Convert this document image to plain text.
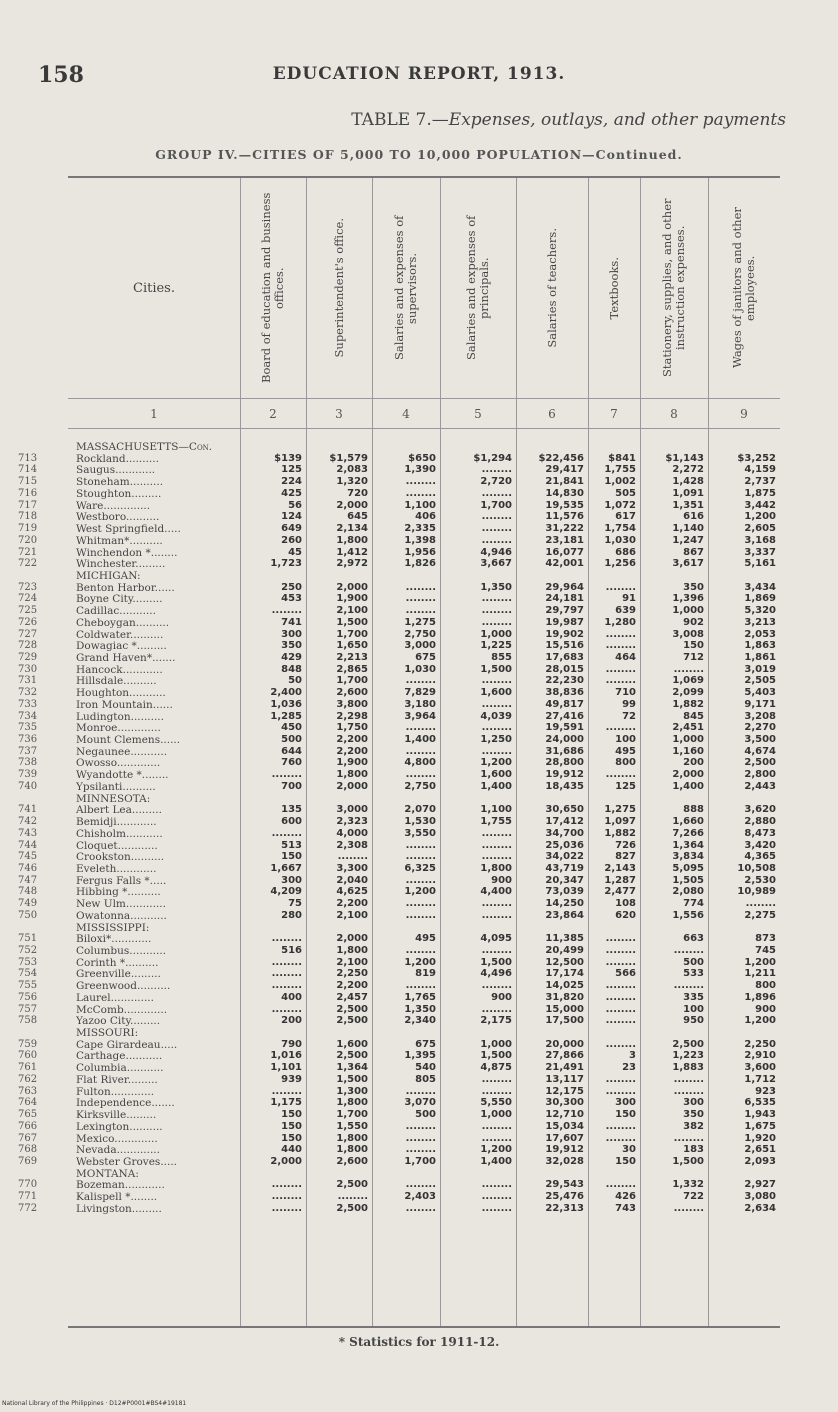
158	EDUCATION REPORT, 1913.
TABLE 7.—Expenses, outlays, and other payments
GROUP IV.—CITIES OF 5,000 TO 10,000 POPULATION—Continued.
Cities.
1
Board of education and business offices.
2
Superintendent's office.
3
Salaries and expenses of supervisors.
4
Salaries and expenses of principals.
5
Salaries of teachers.
6
Textbooks.
7
Stationery, supplies, and other instruction expenses.
8
Wages of janitors and other employees.
9
MASSACHUSETTS—Con.
713	Rockland..........	$139	$1,579	$650	$1,294	$22,456	$841	$1,143	$3,252
714	Saugus............	125	2,083	1,390	........	29,417	1,755	2,272	4,159
715	Stoneham..........	224	1,320	........	2,720	21,841	1,002	1,428	2,737
716	Stoughton.........	425	720	........	........	14,830	505	1,091	1,875
717	Ware..............	56	2,000	1,100	1,700	19,535	1,072	1,351	3,442
718	Westboro..........	124	645	406	........	11,576	617	616	1,200
719	West Springfield.....	649	2,134	2,335	........	31,222	1,754	1,140	2,605
720	Whitman*..........	260	1,800	1,398	........	23,181	1,030	1,247	3,168
721	Winchendon *........	45	1,412	1,956	4,946	16,077	686	867	3,337
722	Winchester.........	1,723	2,972	1,826	3,667	42,001	1,256	3,617	5,161
MICHIGAN:
723	Benton Harbor......	250	2,000	........	1,350	29,964	........	350	3,434
724	Boyne City.........	453	1,900	........	........	24,181	91	1,396	1,869
725	Cadillac...........	........	2,100	........	........	29,797	639	1,000	5,320
726	Cheboygan..........	741	1,500	1,275	........	19,987	1,280	902	3,213
727	Coldwater..........	300	1,700	2,750	1,000	19,902	........	3,008	2,053
728	Dowagiac *.........	350	1,650	3,000	1,225	15,516	........	150	1,863
729	Grand Haven*.......	429	2,213	675	855	17,683	464	712	1,861
730	Hancock............	848	2,865	1,030	1,500	28,015	........	........	3,019
731	Hillsdale..........	50	1,700	........	........	22,230	........	1,069	2,505
732	Houghton...........	2,400	2,600	7,829	1,600	38,836	710	2,099	5,403
733	Iron Mountain......	1,036	3,800	3,180	........	49,817	99	1,882	9,171
734	Ludington..........	1,285	2,298	3,964	4,039	27,416	72	845	3,208
735	Monroe.............	450	1,750	........	........	19,591	........	2,451	2,270
736	Mount Clemens......	500	2,200	1,400	1,250	24,000	100	1,000	3,500
737	Negaunee...........	644	2,200	........	........	31,686	495	1,160	4,674
738	Owosso.............	760	1,900	4,800	1,200	28,800	800	200	2,500
739	Wyandotte *........	........	1,800	........	1,600	19,912	........	2,000	2,800
740	Ypsilanti..........	700	2,000	2,750	1,400	18,435	125	1,400	2,443
MINNESOTA:
741	Albert Lea.........	135	3,000	2,070	1,100	30,650	1,275	888	3,620
742	Bemidji............	600	2,323	1,530	1,755	17,412	1,097	1,660	2,880
743	Chisholm...........	........	4,000	3,550	........	34,700	1,882	7,266	8,473
744	Cloquet............	513	2,308	........	........	25,036	726	1,364	3,420
745	Crookston..........	150	........	........	........	34,022	827	3,834	4,365
746	Eveleth............	1,667	3,300	6,325	1,800	43,719	2,143	5,095	10,508
747	Fergus Falls *.....	300	2,040	........	900	20,347	1,287	1,505	2,530
748	Hibbing *..........	4,209	4,625	1,200	4,400	73,039	2,477	2,080	10,989
749	New Ulm............	75	2,200	........	........	14,250	108	774	........
750	Owatonna...........	280	2,100	........	........	23,864	620	1,556	2,275
MISSISSIPPI:
751	Biloxi*............	........	2,000	495	4,095	11,385	........	663	873
752	Columbus...........	516	1,800	........	........	20,499	........	........	745
753	Corinth *..........	........	2,100	1,200	1,500	12,500	........	500	1,200
754	Greenville.........	........	2,250	819	4,496	17,174	566	533	1,211
755	Greenwood..........	........	2,200	........	........	14,025	........	........	800
756	Laurel.............	400	2,457	1,765	900	31,820	........	335	1,896
757	McComb.............	........	2,500	1,350	........	15,000	........	100	900
758	Yazoo City.........	200	2,500	2,340	2,175	17,500	........	950	1,200
MISSOURI:
759	Cape Girardeau.....	790	1,600	675	1,000	20,000	........	2,500	2,250
760	Carthage...........	1,016	2,500	1,395	1,500	27,866	3	1,223	2,910
761	Columbia...........	1,101	1,364	540	4,875	21,491	23	1,883	3,600
762	Flat River.........	939	1,500	805	........	13,117	........	........	1,712
763	Fulton.............	........	1,300	........	........	12,175	........	........	923
764	Independence.......	1,175	1,800	3,070	5,550	30,300	300	300	6,535
765	Kirksville.........	150	1,700	500	1,000	12,710	150	350	1,943
766	Lexington..........	150	1,550	........	........	15,034	........	382	1,675
767	Mexico.............	150	1,800	........	........	17,607	........	........	1,920
768	Nevada.............	440	1,800	........	1,200	19,912	30	183	2,651
769	Webster Groves.....	2,000	2,600	1,700	1,400	32,028	150	1,500	2,093
MONTANA:
770	Bozeman............	........	2,500	........	........	29,543	........	1,332	2,927
771	Kalispell *........	........	........	2,403	........	25,476	426	722	3,080
772	Livingston.........	........	2,500	........	........	22,313	743	........	2,634
* Statistics for 1911-12.
National Library of the Philippines · D12#P0001#BS4#19181
